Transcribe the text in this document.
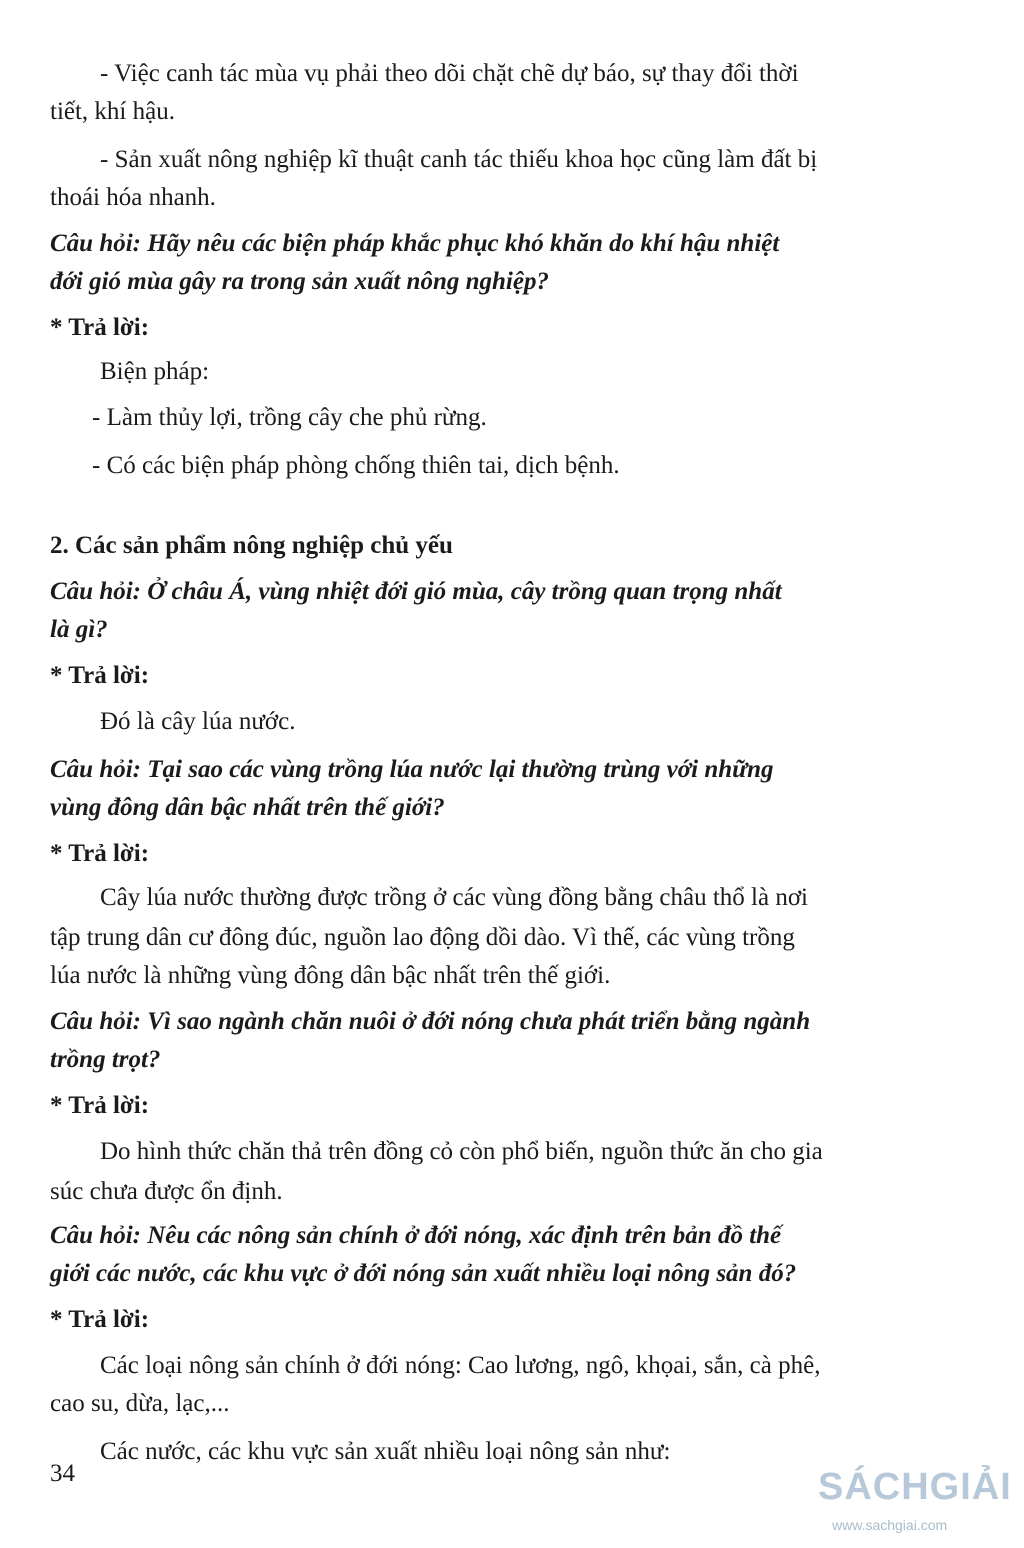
- Việc canh tác mùa vụ phải theo dõi chặt chẽ dự báo, sự thay đổi thời

tiết, khí hậu.

- Sản xuất nông nghiệp kĩ thuật canh tác thiếu khoa học cũng làm đất bị

thoái hóa nhanh.

Câu hỏi: Hãy nêu các biện pháp khắc phục khó khăn do khí hậu nhiệt

đới gió mùa gây ra trong sản xuất nông nghiệp?

* Trả lời:

Biện pháp:

- Làm thủy lợi, trồng cây che phủ rừng.

- Có các biện pháp phòng chống thiên tai, dịch bệnh.

2. Các sản phẩm nông nghiệp chủ yếu

Câu hỏi: Ở châu Á, vùng nhiệt đới gió mùa, cây trồng quan trọng nhất

là gì?

* Trả lời:

Đó là cây lúa nước.

Câu hỏi: Tại sao các vùng trồng lúa nước lại thường trùng với những

vùng đông dân bậc nhất trên thế giới?

* Trả lời:

Cây lúa nước thường được trồng ở các vùng đồng bằng châu thổ là nơi

tập trung dân cư đông đúc, nguồn lao động dồi dào. Vì thế, các vùng trồng

lúa nước là những vùng đông dân bậc nhất trên thế giới.

Câu hỏi: Vì sao ngành chăn nuôi ở đới nóng chưa phát triển bằng ngành

trồng trọt?

* Trả lời:

Do hình thức chăn thả trên đồng cỏ còn phổ biến, nguồn thức ăn cho gia

súc chưa được ổn định.

Câu hỏi: Nêu các nông sản chính ở đới nóng, xác định trên bản đồ thế

giới các nước, các khu vực ở đới nóng sản xuất nhiều loại nông sản đó?

* Trả lời:

Các loại nông sản chính ở đới nóng: Cao lương, ngô, khọai, sắn, cà phê,

cao su, dừa, lạc,...

Các nước, các khu vực sản xuất nhiều loại nông sản như:

34	SÁCHGIẢI
www.sachgiai.com
